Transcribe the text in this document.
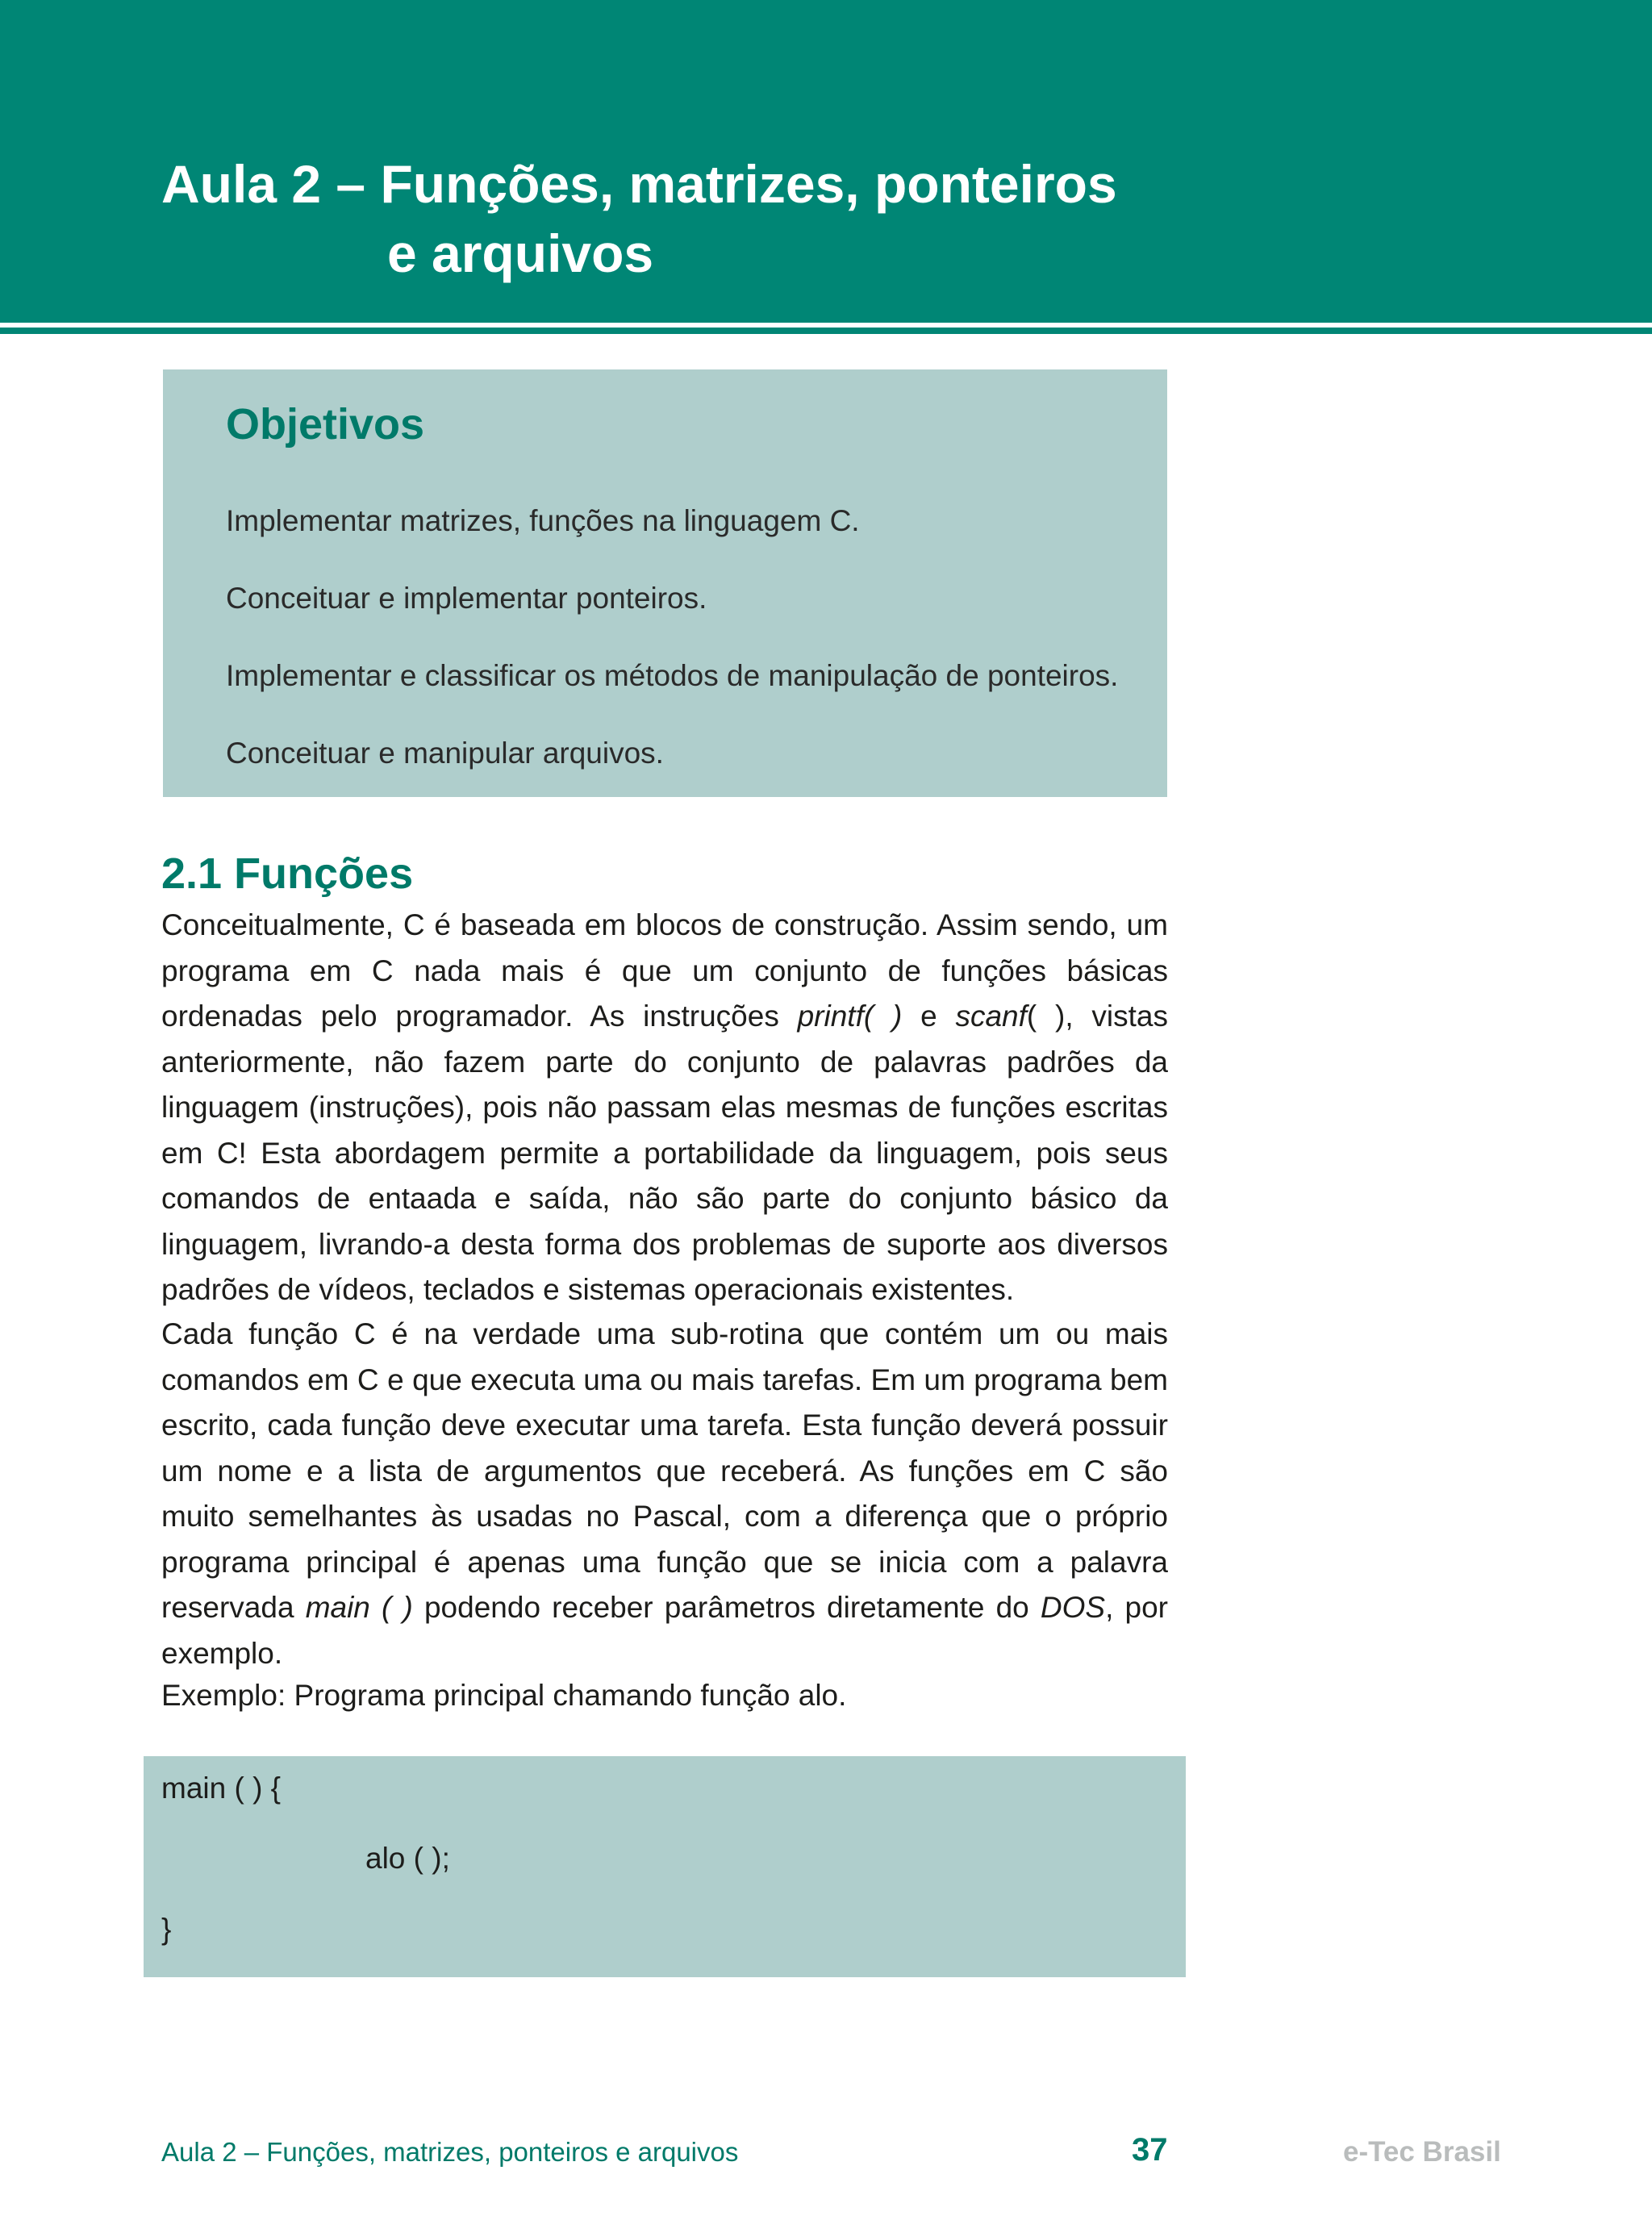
Aula 2 – Funções, matrizes, ponteiros
e arquivos
Objetivos
Implementar matrizes, funções na linguagem C.
Conceituar e implementar ponteiros.
Implementar e classificar os métodos de manipulação de ponteiros.
Conceituar e manipular arquivos.
2.1 Funções

Conceitualmente, C é baseada em blocos de construção. Assim sendo, um programa em C nada mais é que um conjunto de funções básicas ordenadas pelo programador. As instruções printf( ) e scanf( ), vistas anteriormente, não fazem parte do conjunto de palavras padrões da linguagem (instruções), pois não passam elas mesmas de funções escritas em C! Esta abordagem permite a portabilidade da linguagem, pois seus comandos de entaada e saída, não são parte do conjunto básico da linguagem, livrando-a desta forma dos problemas de suporte aos diversos padrões de vídeos, teclados e sistemas operacionais existentes.

Cada função C é na verdade uma sub-rotina que contém um ou mais comandos em C e que executa uma ou mais tarefas. Em um programa bem escrito, cada função deve executar uma tarefa. Esta função deverá possuir um nome e a lista de argumentos que receberá. As funções em C são muito semelhantes às usadas no Pascal, com a diferença que o próprio programa principal é apenas uma função que se inicia com a palavra reservada main ( ) podendo receber parâmetros diretamente do DOS, por exemplo.

Exemplo: Programa principal chamando função alo.

main ( ) {
alo ( );
}
Aula 2 – Funções, matrizes, ponteiros e arquivos	37	e-Tec Brasil
